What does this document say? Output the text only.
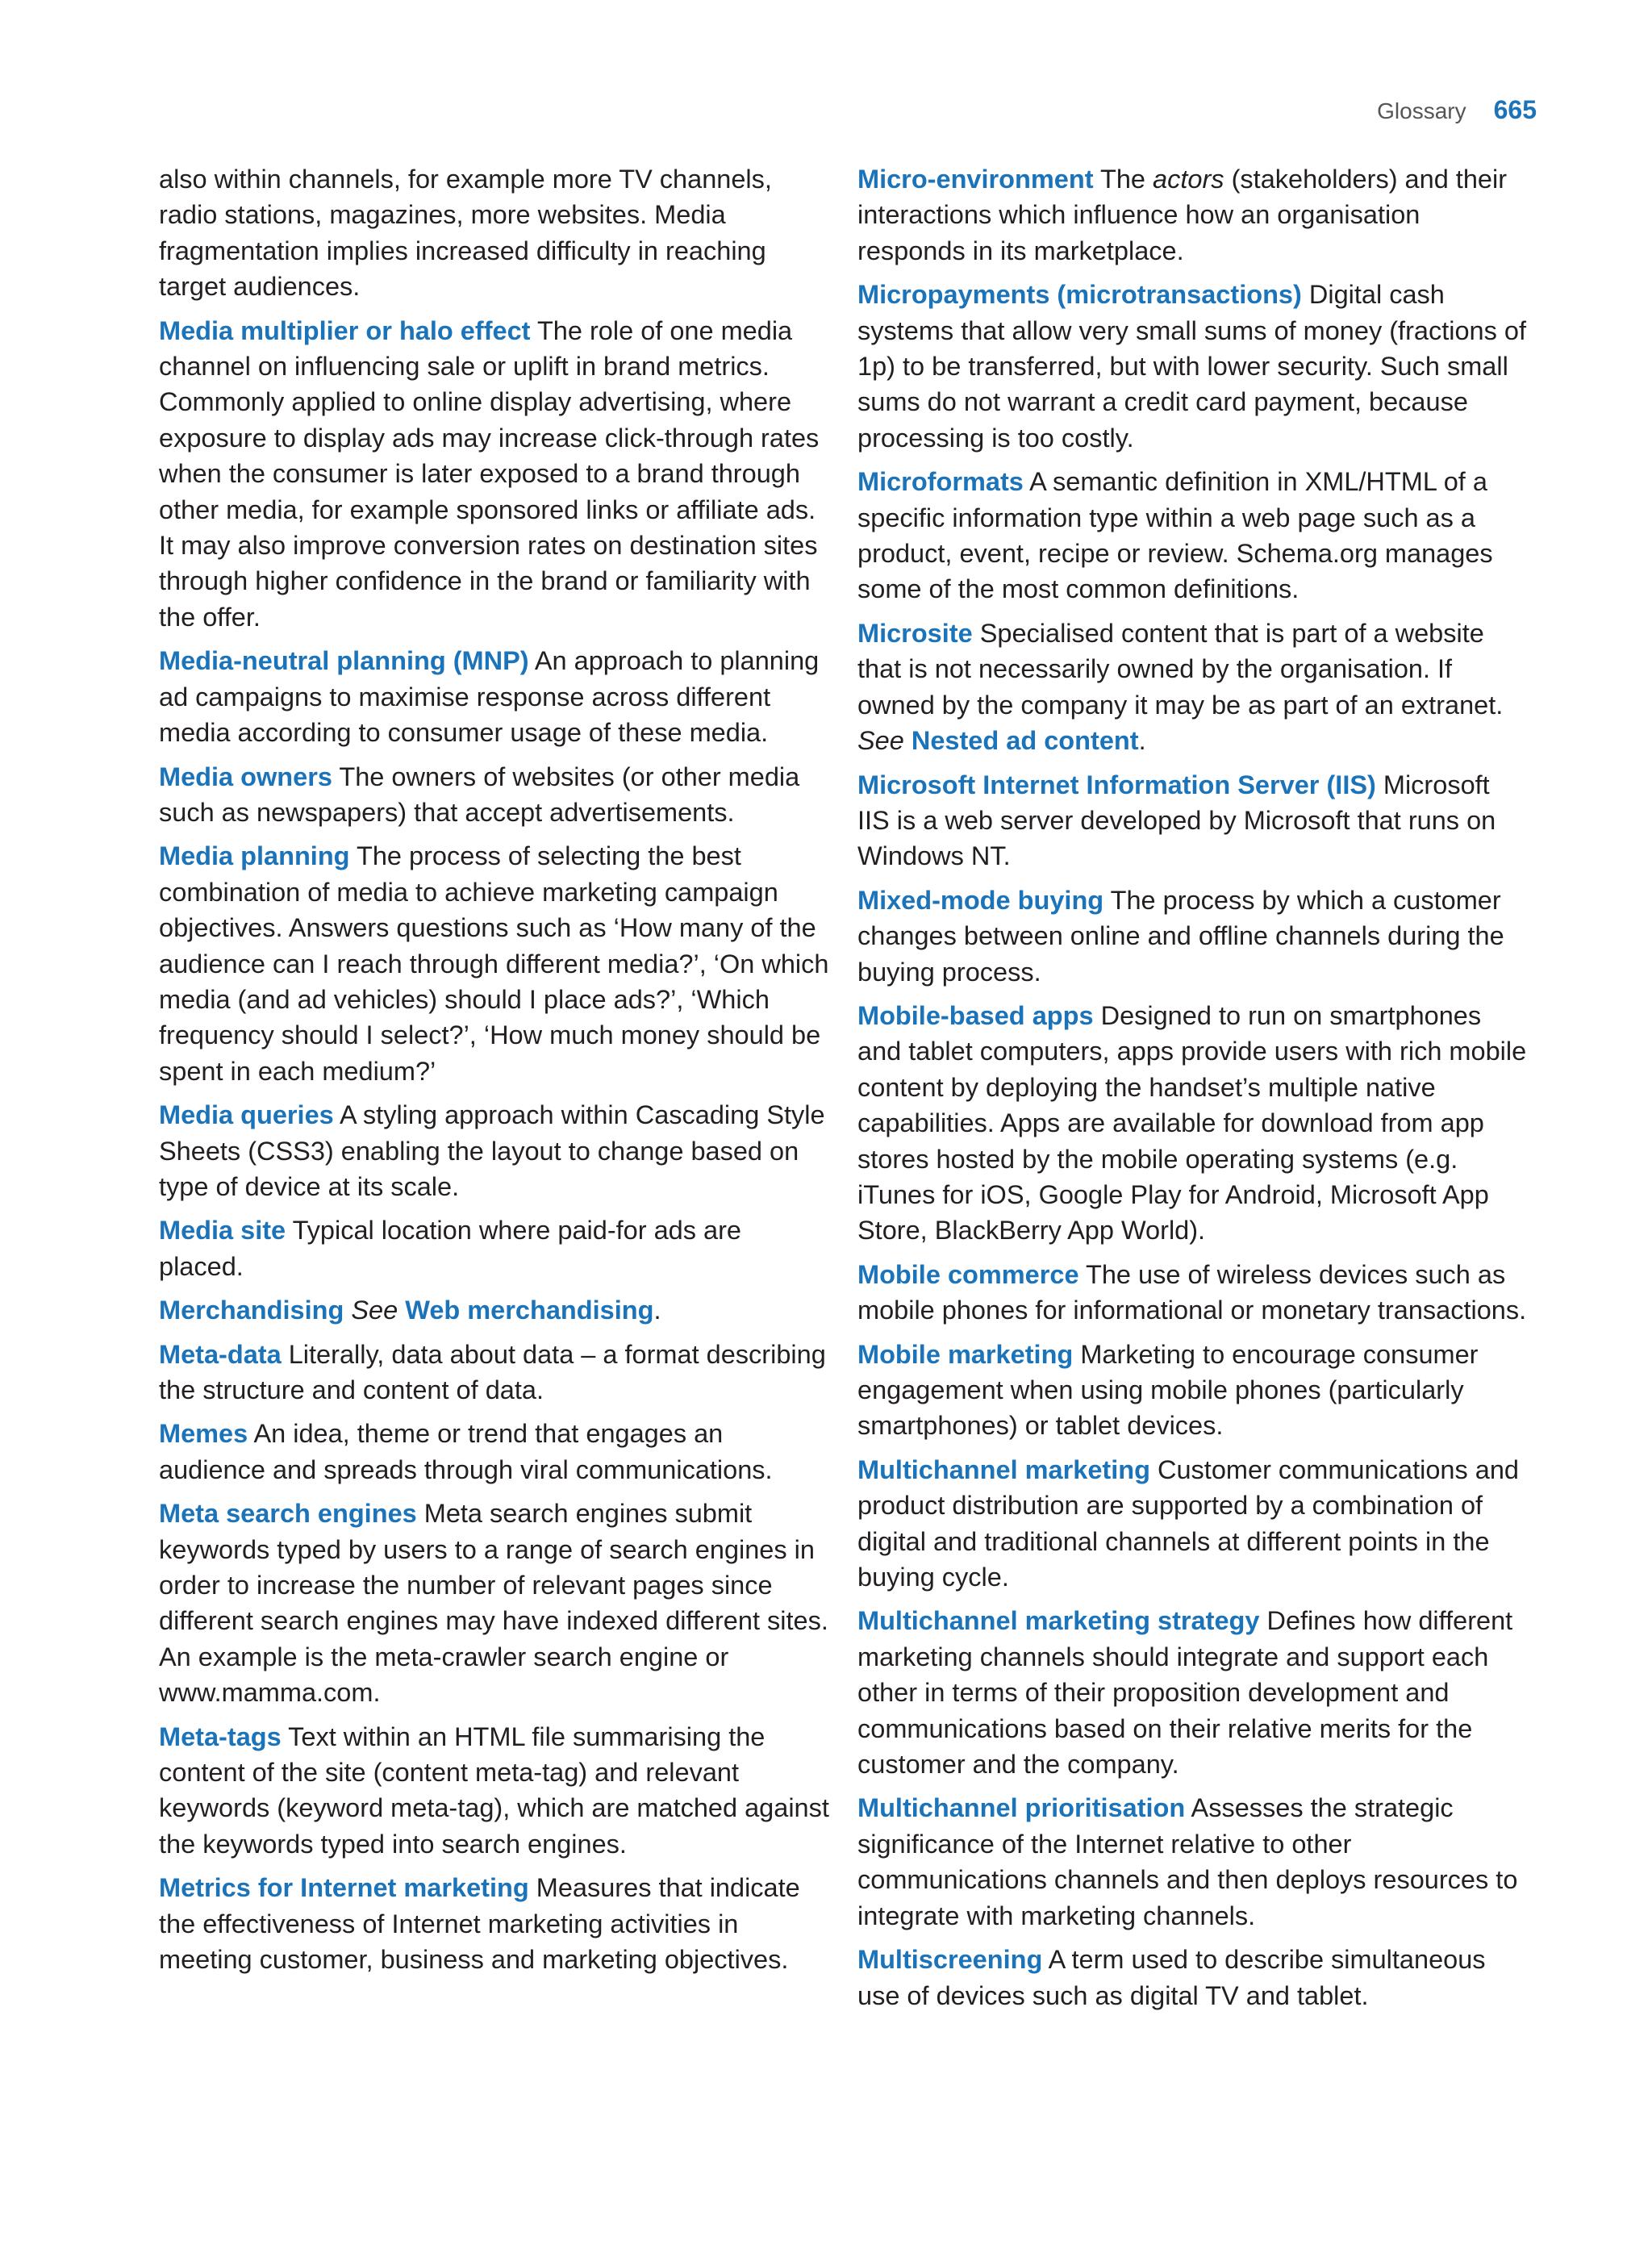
Glossary 665

also within channels, for example more TV channels, radio stations, magazines, more websites. Media fragmentation implies increased difficulty in reaching target audiences.

Media multiplier or halo effect The role of one media channel on influencing sale or uplift in brand metrics. Commonly applied to online display advertising, where exposure to display ads may increase click-through rates when the consumer is later exposed to a brand through other media, for example sponsored links or affiliate ads. It may also improve conversion rates on destination sites through higher confidence in the brand or familiarity with the offer.

Media-neutral planning (MNP) An approach to planning ad campaigns to maximise response across different media according to consumer usage of these media.

Media owners The owners of websites (or other media such as newspapers) that accept advertisements.

Media planning The process of selecting the best combination of media to achieve marketing campaign objectives. Answers questions such as ‘How many of the audience can I reach through different media?’, ‘On which media (and ad vehicles) should I place ads?’, ‘Which frequency should I select?’, ‘How much money should be spent in each medium?’

Media queries A styling approach within Cascading Style Sheets (CSS3) enabling the layout to change based on type of device at its scale.

Media site Typical location where paid-for ads are placed.

Merchandising See Web merchandising.

Meta-data Literally, data about data – a format describing the structure and content of data.

Memes An idea, theme or trend that engages an audience and spreads through viral communications.

Meta search engines Meta search engines submit keywords typed by users to a range of search engines in order to increase the number of relevant pages since different search engines may have indexed different sites. An example is the meta-crawler search engine or www.mamma.com.

Meta-tags Text within an HTML file summarising the content of the site (content meta-tag) and relevant keywords (keyword meta-tag), which are matched against the keywords typed into search engines.

Metrics for Internet marketing Measures that indicate the effectiveness of Internet marketing activities in meeting customer, business and marketing objectives.

Micro-environment The actors (stakeholders) and their interactions which influence how an organisation responds in its marketplace.

Micropayments (microtransactions) Digital cash systems that allow very small sums of money (fractions of 1p) to be transferred, but with lower security. Such small sums do not warrant a credit card payment, because processing is too costly.

Microformats A semantic definition in XML/HTML of a specific information type within a web page such as a product, event, recipe or review. Schema.org manages some of the most common definitions.

Microsite Specialised content that is part of a website that is not necessarily owned by the organisation. If owned by the company it may be as part of an extranet. See Nested ad content.

Microsoft Internet Information Server (IIS) Microsoft IIS is a web server developed by Microsoft that runs on Windows NT.

Mixed-mode buying The process by which a customer changes between online and offline channels during the buying process.

Mobile-based apps Designed to run on smartphones and tablet computers, apps provide users with rich mobile content by deploying the handset’s multiple native capabilities. Apps are available for download from app stores hosted by the mobile operating systems (e.g. iTunes for iOS, Google Play for Android, Microsoft App Store, BlackBerry App World).

Mobile commerce The use of wireless devices such as mobile phones for informational or monetary transactions.

Mobile marketing Marketing to encourage consumer engagement when using mobile phones (particularly smartphones) or tablet devices.

Multichannel marketing Customer communications and product distribution are supported by a combination of digital and traditional channels at different points in the buying cycle.

Multichannel marketing strategy Defines how different marketing channels should integrate and support each other in terms of their proposition development and communications based on their relative merits for the customer and the company.

Multichannel prioritisation Assesses the strategic significance of the Internet relative to other communications channels and then deploys resources to integrate with marketing channels.

Multiscreening A term used to describe simultaneous use of devices such as digital TV and tablet.
